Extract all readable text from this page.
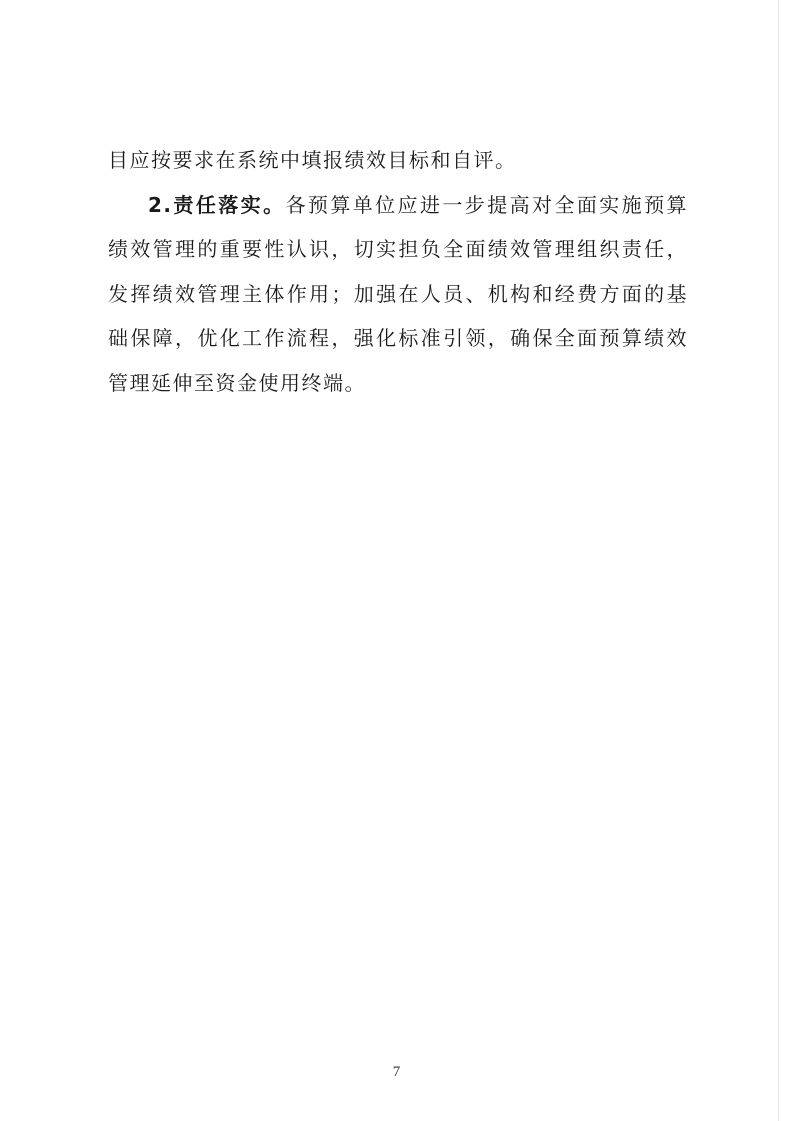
目应按要求在系统中填报绩效目标和自评。

2.责任落实。各预算单位应进一步提高对全面实施预算绩效管理的重要性认识，切实担负全面绩效管理组织责任，发挥绩效管理主体作用；加强在人员、机构和经费方面的基础保障，优化工作流程，强化标准引领，确保全面预算绩效管理延伸至资金使用终端。

7
